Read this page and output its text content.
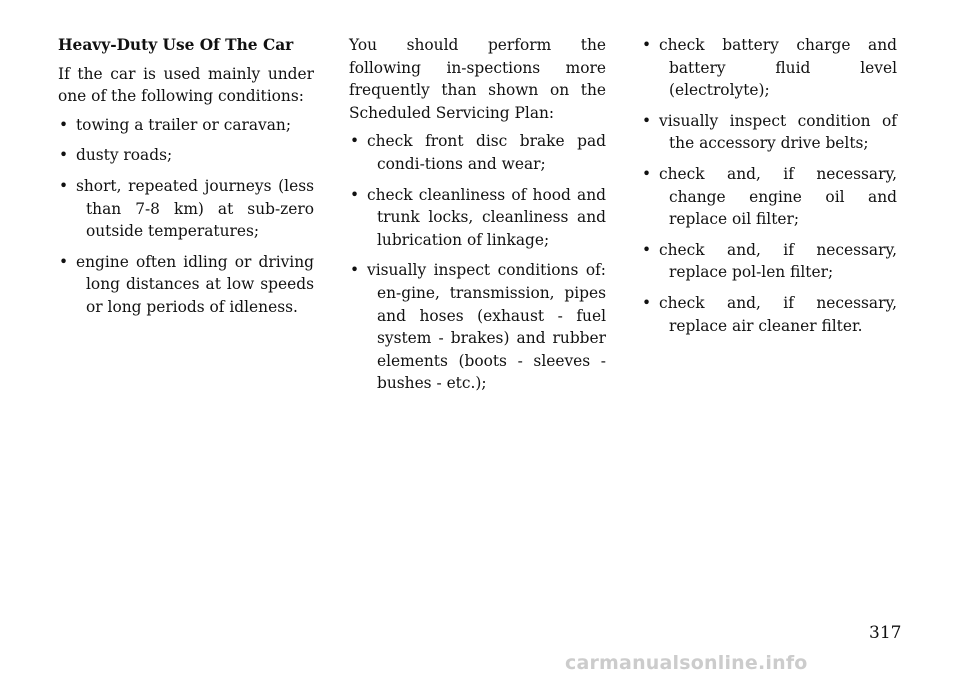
Heavy-Duty Use Of The Car
If the car is used mainly under one of the following conditions:
• towing a trailer or caravan;
• dusty roads;
• short, repeated journeys (less than 7-8 km) at sub-zero outside temperatures;
• engine often idling or driving long distances at low speeds or long periods of idleness.
You should perform the following in-spections more frequently than shown on the Scheduled Servicing Plan:
• check front disc brake pad condi-tions and wear;
• check cleanliness of hood and trunk locks, cleanliness and lubrication of linkage;
• visually inspect conditions of: en-gine, transmission, pipes and hoses (exhaust - fuel system - brakes) and rubber elements (boots - sleeves - bushes - etc.);
• check battery charge and battery fluid level (electrolyte);
• visually inspect condition of the accessory drive belts;
• check and, if necessary, change engine oil and replace oil filter;
• check and, if necessary, replace pol-len filter;
• check and, if necessary, replace air cleaner filter.
317
carmanualsonline.info
